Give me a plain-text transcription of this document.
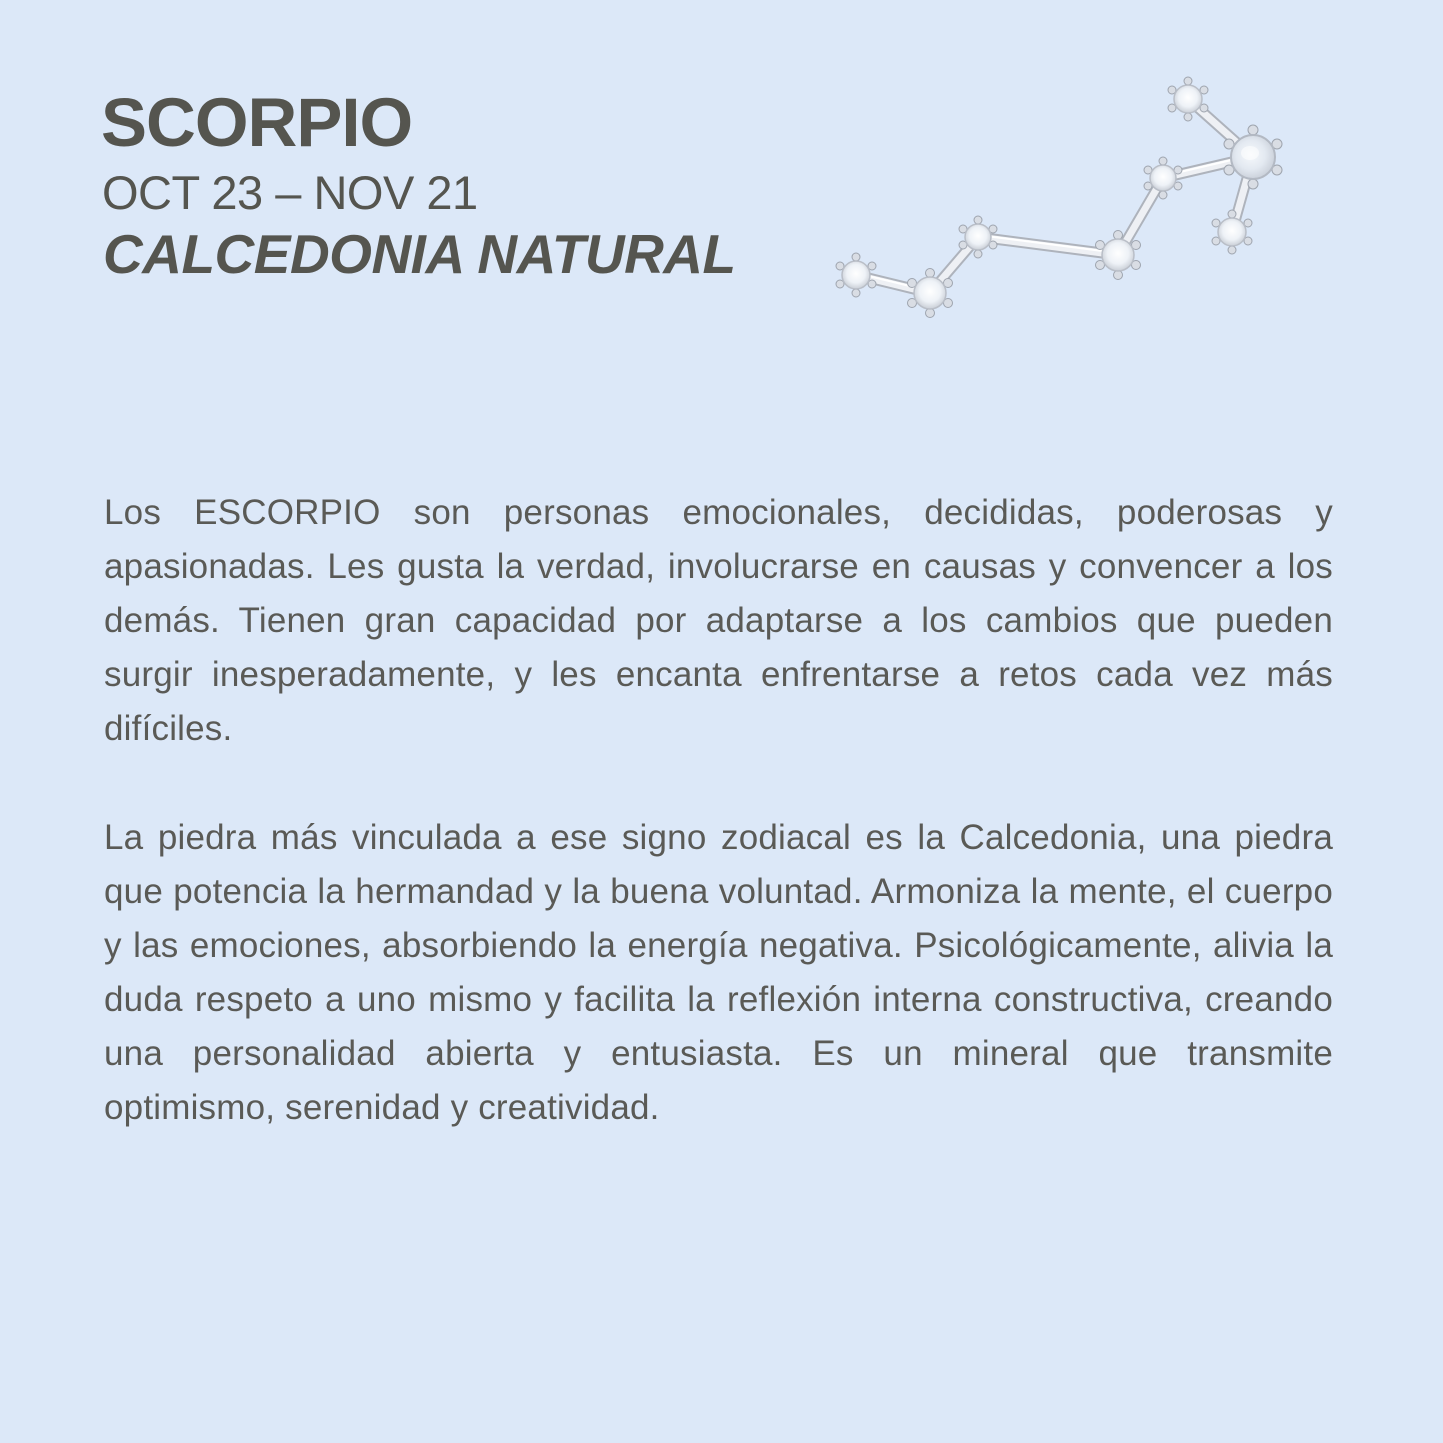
SCORPIO
OCT 23 – NOV 21
CALCEDONIA NATURAL

Los ESCORPIO son personas emocionales, decididas, poderosas y apasionadas. Les gusta la verdad, involucrarse en causas y convencer a los demás. Tienen gran capacidad por adaptarse a los cambios que pueden surgir inesperadamente, y les encanta enfrentarse a retos cada vez más difíciles.

La piedra más vinculada a ese signo zodiacal es la Calcedonia, una piedra que potencia la hermandad y la buena voluntad. Armoniza la mente, el cuerpo y las emociones, absorbiendo la energía negativa. Psicológicamente, alivia la duda respeto a uno mismo y facilita la reflexión interna constructiva, creando una personalidad abierta y entusiasta. Es un mineral que transmite optimismo, serenidad y creatividad.
